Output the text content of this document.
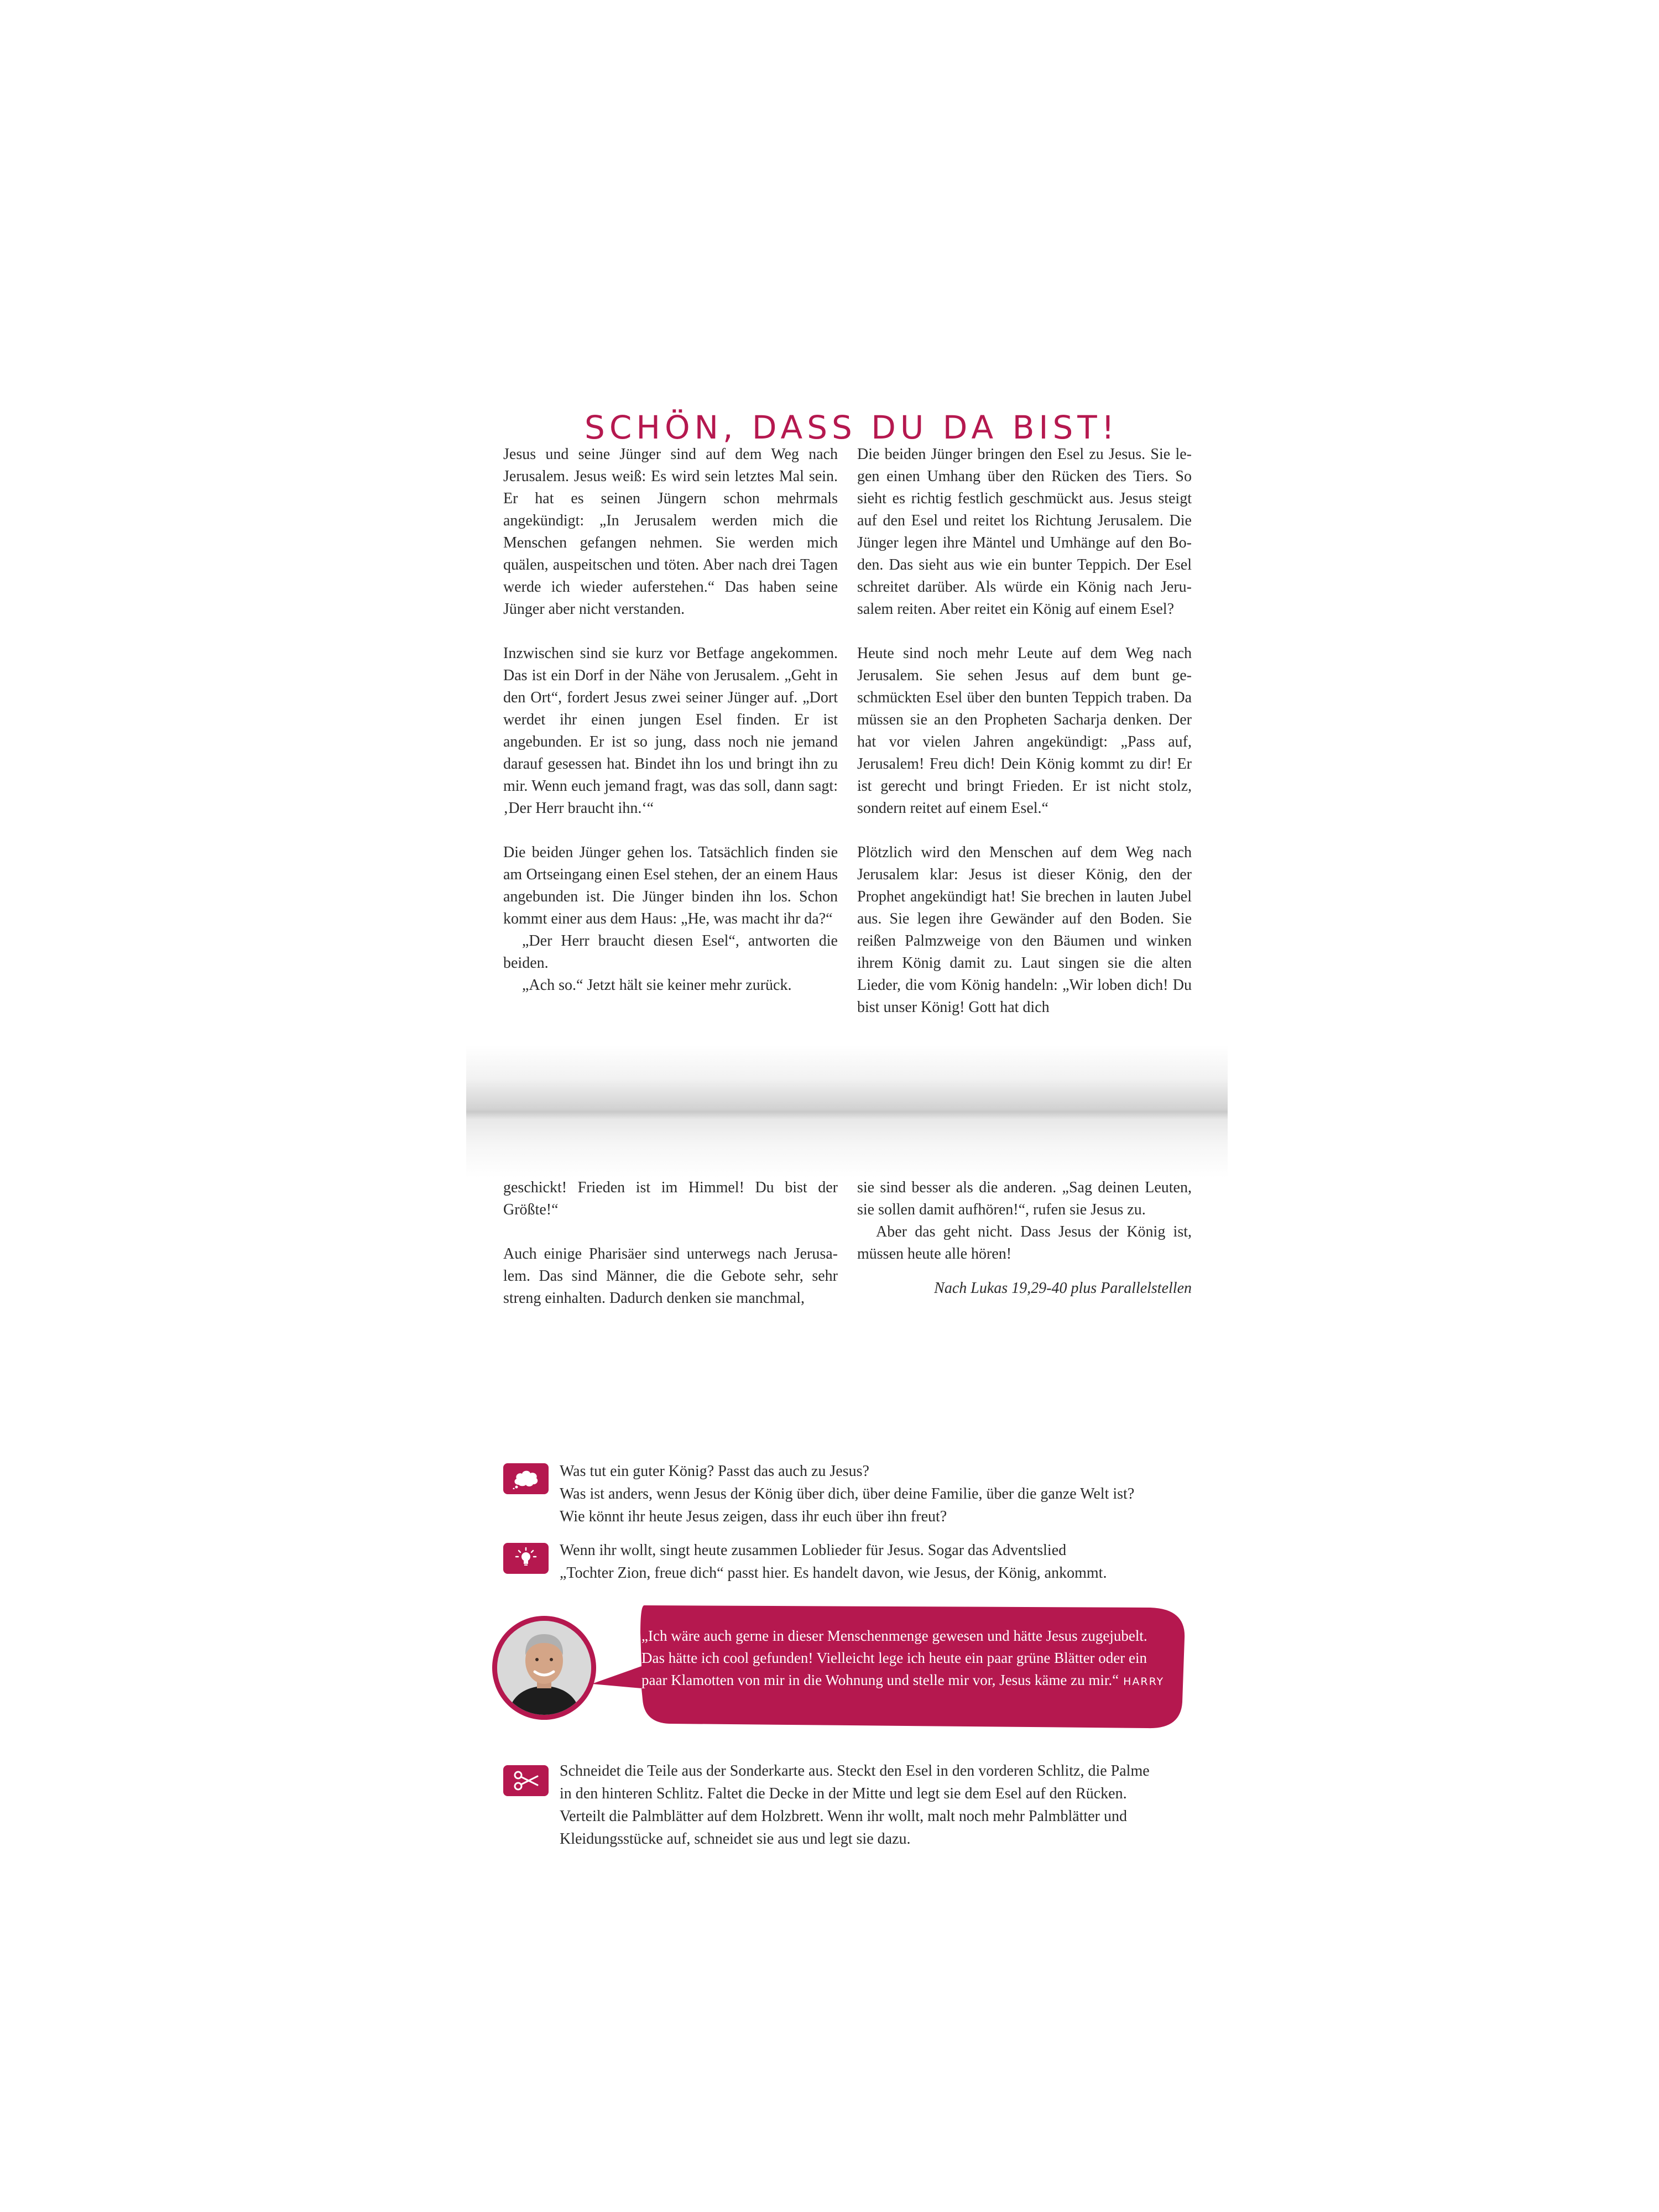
SCHÖN, DASS DU DA BIST!

Jesus und seine Jünger sind auf dem Weg nach Jerusalem. Jesus weiß: Es wird sein letztes Mal sein. Er hat es seinen Jüngern schon mehrmals angekündigt: „In Jerusalem werden mich die Menschen gefangen nehmen. Sie werden mich quälen, auspeitschen und töten. Aber nach drei Tagen werde ich wieder auferstehen.“ Das haben seine Jünger aber nicht verstanden.

Inzwischen sind sie kurz vor Betfage angekommen. Das ist ein Dorf in der Nähe von Jerusalem. „Geht in den Ort“, fordert Jesus zwei seiner Jünger auf. „Dort werdet ihr einen jungen Esel finden. Er ist angebunden. Er ist so jung, dass noch nie jemand darauf gesessen hat. Bindet ihn los und bringt ihn zu mir. Wenn euch jemand fragt, was das soll, dann sagt: ‚Der Herr braucht ihn.‘“

Die beiden Jünger gehen los. Tatsächlich finden sie am Ortseingang einen Esel stehen, der an einem Haus angebunden ist. Die Jünger binden ihn los. Schon kommt einer aus dem Haus: „He, was macht ihr da?“

„Der Herr braucht diesen Esel“, antworten die beiden.

„Ach so.“ Jetzt hält sie keiner mehr zurück.

Die beiden Jünger bringen den Esel zu Jesus. Sie legen einen Umhang über den Rücken des Tiers. So sieht es richtig festlich geschmückt aus. Jesus steigt auf den Esel und reitet los Richtung Jerusalem. Die Jünger legen ihre Mäntel und Umhänge auf den Boden. Das sieht aus wie ein bunter Teppich. Der Esel schreitet darüber. Als würde ein König nach Jerusalem reiten. Aber reitet ein König auf einem Esel?

Heute sind noch mehr Leute auf dem Weg nach Jerusalem. Sie sehen Jesus auf dem bunt geschmückten Esel über den bunten Teppich traben. Da müssen sie an den Propheten Sacharja denken. Der hat vor vielen Jahren angekündigt: „Pass auf, Jerusalem! Freu dich! Dein König kommt zu dir! Er ist gerecht und bringt Frieden. Er ist nicht stolz, sondern reitet auf einem Esel.“

Plötzlich wird den Menschen auf dem Weg nach Jerusalem klar: Jesus ist dieser König, den der Prophet angekündigt hat! Sie brechen in lauten Jubel aus. Sie legen ihre Gewänder auf den Boden. Sie reißen Palmzweige von den Bäumen und winken ihrem König damit zu. Laut singen sie die alten Lieder, die vom König handeln: „Wir loben dich! Du bist unser König! Gott hat dich

geschickt! Frieden ist im Himmel! Du bist der Größte!“

Auch einige Pharisäer sind unterwegs nach Jerusalem. Das sind Männer, die die Gebote sehr, sehr streng einhalten. Dadurch denken sie manchmal,

sie sind besser als die anderen. „Sag deinen Leuten, sie sollen damit aufhören!“, rufen sie Jesus zu.

Aber das geht nicht. Dass Jesus der König ist, müssen heute alle hören!

Nach Lukas 19,29-40 plus Parallelstellen

Was tut ein guter König? Passt das auch zu Jesus?

Was ist anders, wenn Jesus der König über dich, über deine Familie, über die ganze Welt ist?

Wie könnt ihr heute Jesus zeigen, dass ihr euch über ihn freut?

Wenn ihr wollt, singt heute zusammen Loblieder für Jesus. Sogar das Adventslied

„Tochter Zion, freue dich“ passt hier. Es handelt davon, wie Jesus, der König, ankommt.

„Ich wäre auch gerne in dieser Menschenmenge gewesen und hätte Jesus zugejubelt. Das hätte ich cool gefunden! Vielleicht lege ich heute ein paar grüne Blätter oder ein paar Klamotten von mir in die Wohnung und stelle mir vor, Jesus käme zu mir.“ HARRY

Schneidet die Teile aus der Sonderkarte aus. Steckt den Esel in den vorderen Schlitz, die Palme

in den hinteren Schlitz. Faltet die Decke in der Mitte und legt sie dem Esel auf den Rücken.

Verteilt die Palmblätter auf dem Holzbrett. Wenn ihr wollt, malt noch mehr Palmblätter und

Kleidungsstücke auf, schneidet sie aus und legt sie dazu.
